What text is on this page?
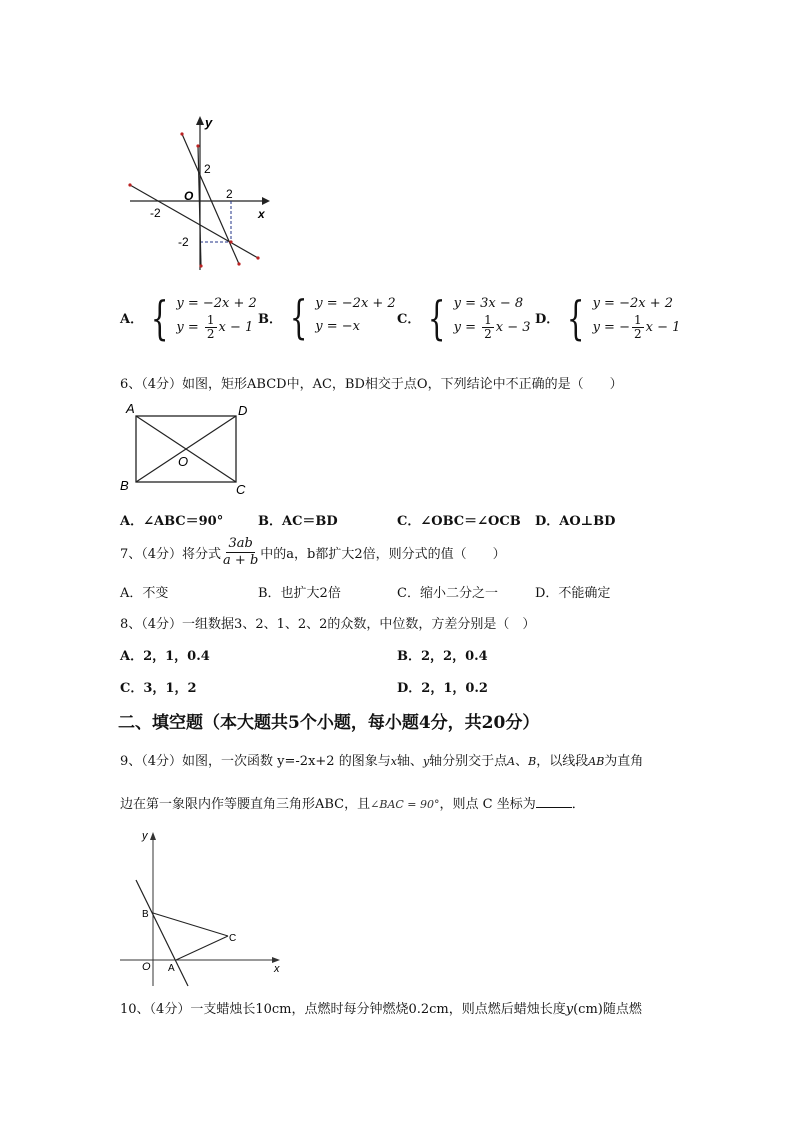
y
x
O
2
2
-2
-2
A． { y = −2x + 2
$y = \frac{1}{2}$ x − 1
B． { y = −2x + 2
y = −x	C． { y = 3x − 8
$y = \frac{1}{2}$ x − 3
D． { y = −2x + 2
y = − $\frac{1}{2}$ x − 1
6、（4分）如图，矩形ABCD中，AC，BD相交于点O，下列结论中不正确的是（　　）
A	D
B	C
O
A．∠ABC＝90°	B．AC＝BD	C．∠OBC＝∠OCB D．AO⊥BD
7、（4分）将分式 $\frac{3ab}{a + b}$ 中的a，b都扩大2倍，则分式的值（　　）
A．不变	B．也扩大2倍	C．缩小二分之一	D．不能确定
8、（4分）一组数据3、2、1、2、2的众数，中位数，方差分别是（　）
A．2，1，0.4	B．2，2，0.4
C．3，1，2	D．2，1，0.2
二、填空题（本大题共5个小题，每小题4分，共20分）
9、（4分）如图，一次函数 y=-2x+2 的图象与x轴、y轴分别交于点A、B，以线段AB为直角
边在第一象限内作等腰直角三角形ABC，且∠BAC = 90°，则点 C 坐标为	．
y
x
O
B
A
C
10、（4分）一支蜡烛长10cm，点燃时每分钟燃烧0.2cm，则点燃后蜡烛长度y(cm)随点燃
